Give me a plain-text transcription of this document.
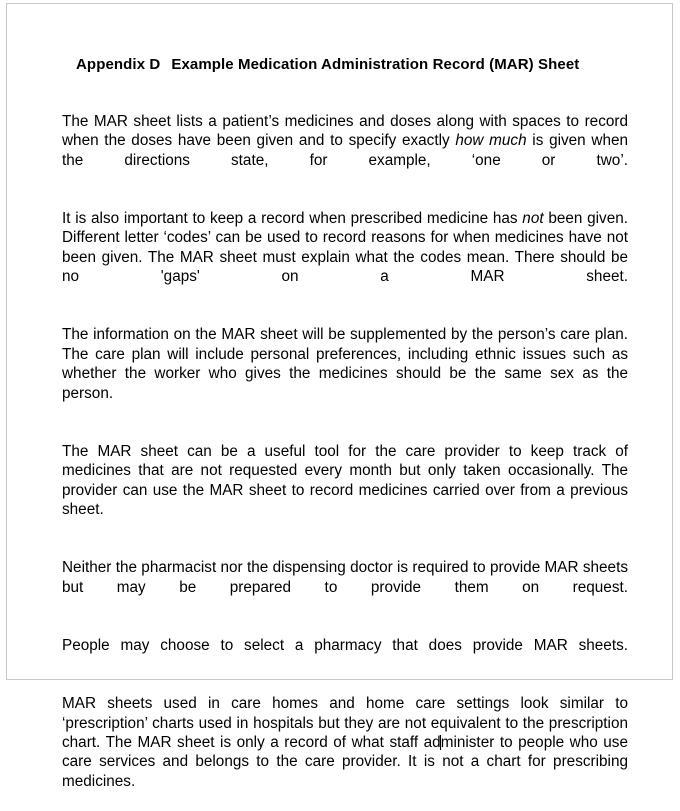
Appendix D Example Medication Administration Record (MAR) Sheet

The MAR sheet lists a patient’s medicines and doses along with spaces to record when the doses have been given and to specify exactly how much is given when the directions state, for example, ‘one or two’.

It is also important to keep a record when prescribed medicine has not been given. Different letter ‘codes’ can be used to record reasons for when medicines have not been given. The MAR sheet must explain what the codes mean. There should be no 'gaps' on a MAR sheet.

The information on the MAR sheet will be supplemented by the person’s care plan. The care plan will include personal preferences, including ethnic issues such as whether the worker who gives the medicines should be the same sex as the person.

The MAR sheet can be a useful tool for the care provider to keep track of medicines that are not requested every month but only taken occasionally. The provider can use the MAR sheet to record medicines carried over from a previous sheet.

Neither the pharmacist nor the dispensing doctor is required to provide MAR sheets but may be prepared to provide them on request.

People may choose to select a pharmacy that does provide MAR sheets.

MAR sheets used in care homes and home care settings look similar to ‘prescription’ charts used in hospitals but they are not equivalent to the prescription chart. The MAR sheet is only a record of what staff administer to people who use care services and belongs to the care provider. It is not a chart for prescribing medicines.
